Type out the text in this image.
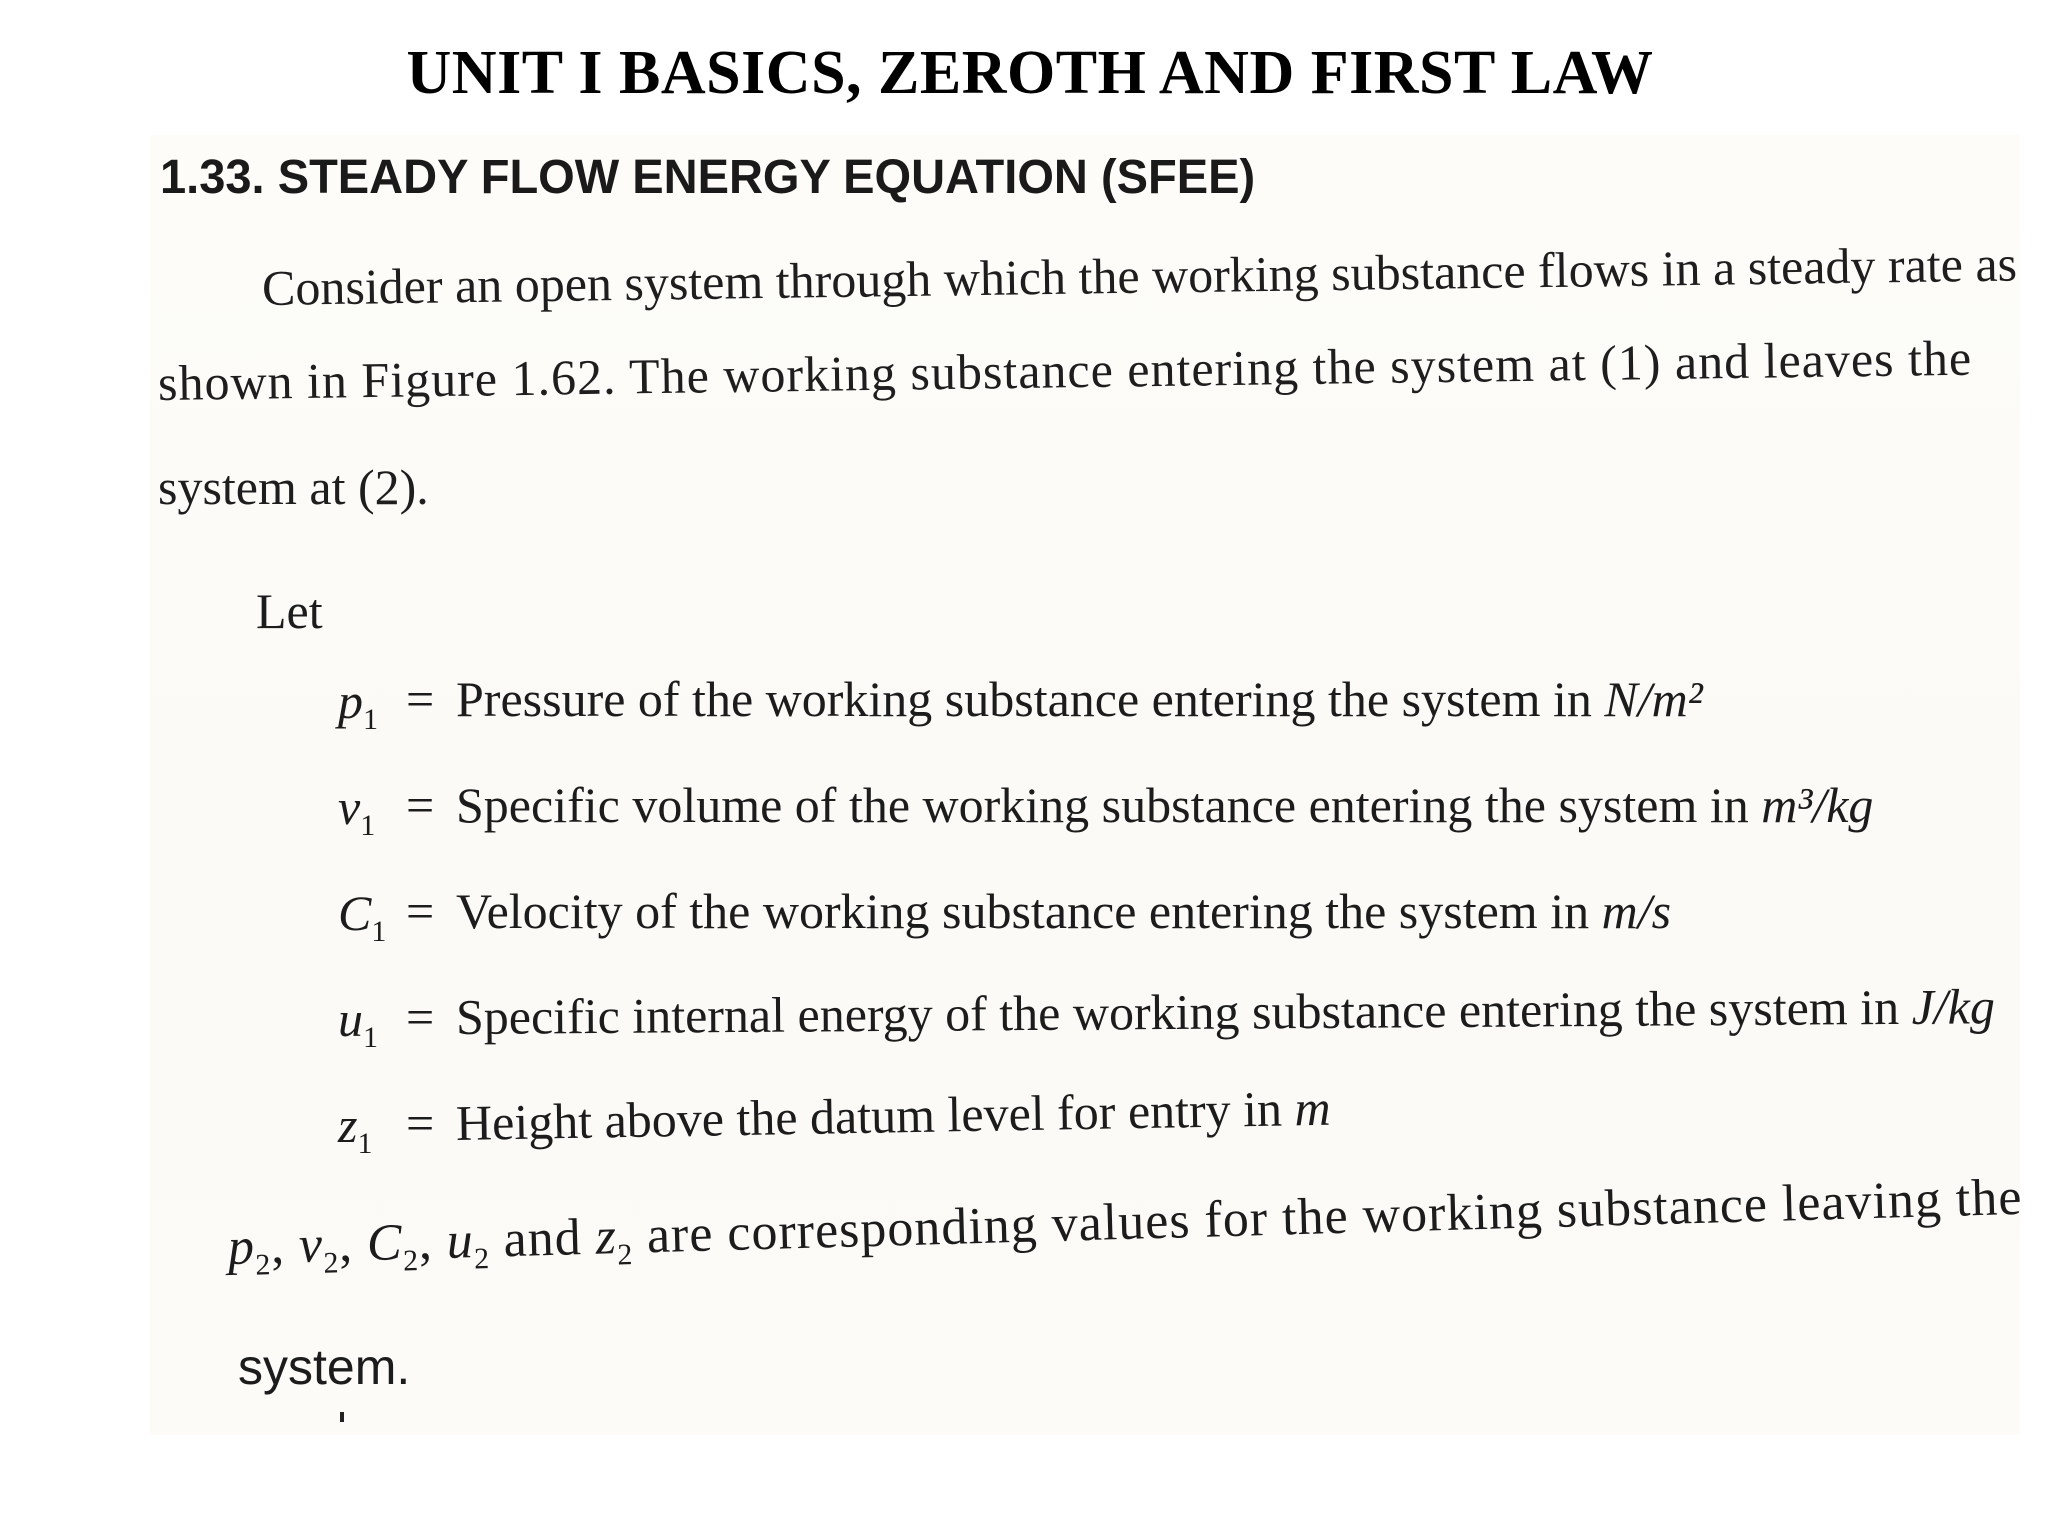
UNIT I BASICS, ZEROTH AND FIRST LAW
1.33. STEADY FLOW ENERGY EQUATION (SFEE)
Consider an open system through which the working substance flows in a steady rate as
shown in Figure 1.62. The working substance entering the system at (1) and leaves the
system at (2).
Let
$p_1$ = Pressure of the working substance entering the system in N/m²
$v_1$ = Specific volume of the working substance entering the system in m³/kg
$C_1$ = Velocity of the working substance entering the system in m/s
$u_1$ = Specific internal energy of the working substance entering the system in J/kg
$z_1$ = Height above the datum level for entry in m
$p_2$, $v_2$, $C_2$, $u_2$ and $z_2$ are corresponding values for the working substance leaving the
system.
